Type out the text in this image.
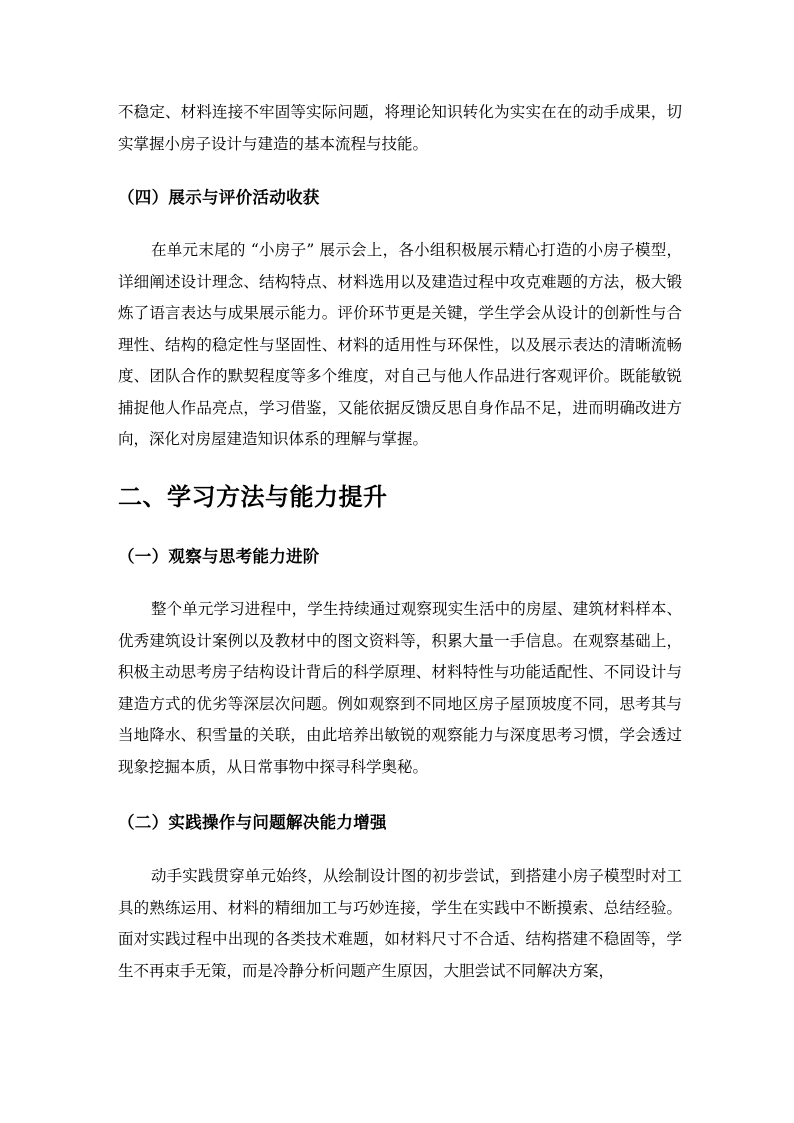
不稳定、材料连接不牢固等实际问题，将理论知识转化为实实在在的动手成果，切实掌握小房子设计与建造的基本流程与技能。

（四）展示与评价活动收获

在单元末尾的 “小房子” 展示会上，各小组积极展示精心打造的小房子模型，详细阐述设计理念、结构特点、材料选用以及建造过程中攻克难题的方法，极大锻炼了语言表达与成果展示能力。评价环节更是关键，学生学会从设计的创新性与合理性、结构的稳定性与坚固性、材料的适用性与环保性，以及展示表达的清晰流畅度、团队合作的默契程度等多个维度，对自己与他人作品进行客观评价。既能敏锐捕捉他人作品亮点，学习借鉴，又能依据反馈反思自身作品不足，进而明确改进方向，深化对房屋建造知识体系的理解与掌握。

二、学习方法与能力提升
（一）观察与思考能力进阶

整个单元学习进程中，学生持续通过观察现实生活中的房屋、建筑材料样本、优秀建筑设计案例以及教材中的图文资料等，积累大量一手信息。在观察基础上，积极主动思考房子结构设计背后的科学原理、材料特性与功能适配性、不同设计与建造方式的优劣等深层次问题。例如观察到不同地区房子屋顶坡度不同，思考其与当地降水、积雪量的关联，由此培养出敏锐的观察能力与深度思考习惯，学会透过现象挖掘本质，从日常事物中探寻科学奥秘。

（二）实践操作与问题解决能力增强

动手实践贯穿单元始终，从绘制设计图的初步尝试，到搭建小房子模型时对工具的熟练运用、材料的精细加工与巧妙连接，学生在实践中不断摸索、总结经验。面对实践过程中出现的各类技术难题，如材料尺寸不合适、结构搭建不稳固等，学生不再束手无策，而是冷静分析问题产生原因，大胆尝试不同解决方案，
